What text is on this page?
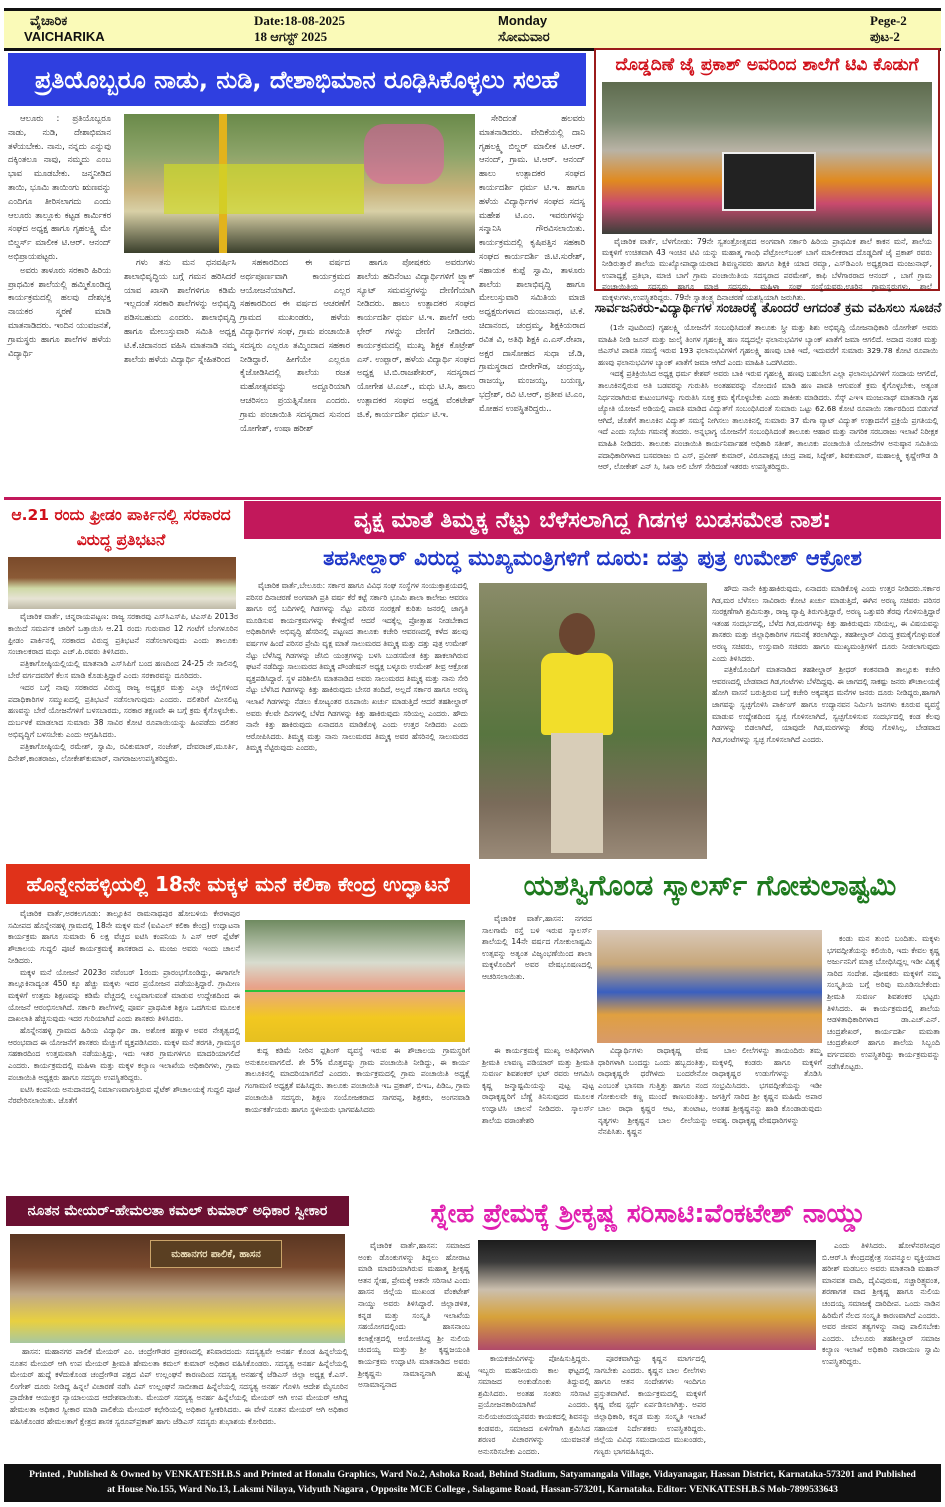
ವೈಚಾರಿಕ
VAICHARIKA
Date:18-08-2025
18 ಆಗಸ್ಟ್ 2025
Monday
ಸೋಮವಾರ
Pege-2
ಪುಟ-2
ಪ್ರತಿಯೊಬ್ಬರೂ ನಾಡು, ನುಡಿ, ದೇಶಾಭಿಮಾನ ರೂಢಿಸಿಕೊಳ್ಳಲು ಸಲಹೆ

ಆಲೂರು : ಪ್ರತಿಯೊಬ್ಬರೂ ನಾಡು, ನುಡಿ, ದೇಶಾಭಿಮಾನ ತಳೆಯಬೇಕು. ನಾನು, ನನ್ನದು ಎನ್ನುವು ದಕ್ಕಿಂತಲೂ ನಾವು, ನಮ್ಮದು ಎಂಬ ಭಾವ ಮೂಡಬೇಕು. ಜನ್ಮನೀಡಿದ ತಾಯಿ, ಭೂಮಿ ತಾಯಿಂಗು ಋಣವನ್ನು ಎಂದಿಗೂ ತೀರಿಸಲಾಗದು ಎಂದು ಆಲೂರು ತಾಲ್ಲೂಕು ಕಟ್ಟಡ ಕಾರ್ಮಿಕರ ಸಂಘದ ಅಧ್ಯಕ್ಷ ಹಾಗೂ ಗೃಹಲಕ್ಷ್ಮಿ ಮೇ ಬಿಲ್ಡರ್ಸ್ ಮಾಲೀಕ ಟಿ.ಆರ್. ಆನಂದ್ ಅಭಿಪ್ರಾಯಪಟ್ಟರು.

ಅವರು ತಾಳೂರು ಸರಕಾರಿ ಹಿರಿಯ ಪ್ರಾಥಮಿಕ ಶಾಲೆಯಲ್ಲಿ ಹಮ್ಮಿಕೊಂಡಿದ್ದ ಕಾರ್ಯಕ್ರಮದಲ್ಲಿ ಹಲವು ದೇಶಭಕ್ತ ನಾಯಕರ ಸ್ಮರಣೆ ಮಾಡಿ ಮಾತನಾಡಿದರು. ಇಂದಿನ ಯುವಜನತೆ, ಗ್ರಾಮಸ್ಥರು ಹಾಗೂ ಶಾಲೆಗಳ ಹಳೆಯ ವಿದ್ಯಾರ್ಥಿ

ಗಳು ತನು ಮನ ಧನವರ್ಷಿಸಿ ಶಾಲಾಭಿವೃದ್ಧಿಯ ಬಗ್ಗೆ ಗಮನ ಹರಿಸಿದರೆ ಯಾವ ಖಾಸಗಿ ಶಾಲೆಗಳಿಗೂ ಕಡಿಮೆ ಇಲ್ಲದಂತೆ ಸರಕಾರಿ ಶಾಲೆಗಳನ್ನು ಅಭಿವೃದ್ಧಿ ಪಡಿಸಬಹುದು ಎಂದರು. ಶಾಲಾಭಿವೃದ್ಧಿ ಹಾಗೂ ಮೇಲುಸ್ತುವಾರಿ ಸಮಿತಿ ಅಧ್ಯಕ್ಷ ಟಿ.ಕೆ.ಚಿದಾನಂದ ವಹಿಸಿ ಮಾತನಾಡಿ ನಮ್ಮ ಶಾಲೆಯ ಹಳೆಯ ವಿದ್ಯಾರ್ಥಿ ಸ್ನೇಹಿತರಿಂದ

ಸಹಕಾರದಿಂದ ಈ ವರ್ಷದ ಅರ್ಥಪೂರ್ಣವಾಗಿ ಕಾರ್ಯಕ್ರಮದ ಆಯೋಜನೆಯಾಗಿದೆ. ಎಲ್ಲರ ಸಹಕಾರದಿಂದ ಈ ವರ್ಷದ ಆಚರಣೆಗೆ ಗ್ರಾಮದ ಮುಖಂಡರು, ಹಳೆಯ ವಿದ್ಯಾರ್ಥಿಗಳ ಸಂಘ, ಗ್ರಾಮ ಪಂಚಾಯಿತಿ ಸದಸ್ಯರು ಎಲ್ಲರೂ ತಮ್ಮಿಂದಾದ ಸಹಕಾರ ನೀಡಿದ್ದಾರೆ. ಹೀಗೆಯೇ ಎಲ್ಲರೂ ಕೈಜೋಡಿಸಿದಲ್ಲಿ ಶಾಲೆಯ ರಜತ ಮಹೋತ್ಸವವನ್ನು ಅದ್ದೂರಿಯಾಗಿ ಆಚರಿಸಲು ಪ್ರಯತ್ನಿಸೋಣ ಎಂದರು. ಗ್ರಾಮ ಪಂಚಾಯಿತಿ ಸದಸ್ಯರಾದ ಸುನಂದ ಯೋಗೇಶ್, ಉಷಾ ಹರೀಶ್

ಹಾಗೂ ಪೋಷಕರು ಅವರುಗಳು ಶಾಲೆಯ ಹದಿನೆಂಟು ವಿದ್ಯಾರ್ಥಿಗಳಿಗೆ ಟ್ರ್ಯಾಕ್ ಸ್ಯೂಟ್ ಸಮವಸ್ತ್ರಗಳನ್ನು ದೇಣಿಗೆಯಾಗಿ ನೀಡಿದರು. ಹಾಲು ಉತ್ಪಾದಕರ ಸಂಘದ ಕಾರ್ಯದರ್ಶಿ ಧರ್ಮ ಟಿ.ಇ. ಶಾಲೆಗೆ ಆರು ಛೇರ್ ಗಳನ್ನು ದೇಣಿಗೆ ನೀಡಿದರು. ಕಾರ್ಯಕ್ರಮದಲ್ಲಿ ಮುಖ್ಯ ಶಿಕ್ಷಕ ಕೊಟ್ರೇಶ್ ಎಸ್. ಉಪ್ಪಾರ್, ಹಳೆಯ ವಿದ್ಯಾರ್ಥಿ ಸಂಘದ ಅಧ್ಯಕ್ಷ ಟಿ.ಬಿ.ರಾಜಶೇಖರ್, ಸದಸ್ಯರಾದ ಯೋಗೇಶ ಟಿ.ಎಚ್., ಮಧು ಟಿ.ಸಿ, ಹಾಲು ಉತ್ಪಾದಕರ ಸಂಘದ ಅಧ್ಯಕ್ಷ ವೆಂಕಟೇಶ್ ಜಿ.ಕೆ, ಕಾರ್ಯದರ್ಶಿ ಧರ್ಮ ಟಿ.ಇ.

ಸೇರಿದಂತೆ ಹಲವರು ಮಾತನಾಡಿದರು. ವೇದಿಕೆಯಲ್ಲಿ ದಾನಿ ಗೃಹಲಕ್ಷ್ಮಿ ಬಿಲ್ಡರ್ ಮಾಲೀಕ ಟಿ.ಆರ್. ಆನಂದ್, ಗ್ರಾಮ. ಟಿ.ಆರ್. ಆನಂದ್ ಹಾಲು ಉತ್ಪಾದಕರ ಸಂಘದ ಕಾರ್ಯದರ್ಶಿ ಧರ್ಮ ಟಿ.ಇ. ಹಾಗೂ ಹಳೆಯ ವಿದ್ಯಾರ್ಥಿಗಳ ಸಂಘದ ಸದಸ್ಯ ಮಹೇಶ ಟಿ.ಎಂ. ಇವರುಗಳನ್ನು ಸನ್ಮಾನಿಸಿ ಗೌರವಿಸಲಾಯಿತು. ಕಾರ್ಯಕ್ರಮದಲ್ಲಿ ಕೃಷಿಪತ್ತಿನ ಸಹಕಾರಿ ಸಂಘದ ಕಾರ್ಯದರ್ಶಿ ಜಿ.ಟಿ.ಸುರೇಶ್, ಸಹಾಯಕ ಕುಪ್ಪೆ ಸ್ವಾಮಿ, ತಾಳೂರು ಶಾಲೆಯ ಶಾಲಾಭಿವೃದ್ಧಿ ಹಾಗೂ ಮೇಲುಸ್ತುವಾರಿ ಸಮಿತಿಯ ಮಾಜಿ ಅಧ್ಯಕ್ಷರುಗಳಾದ ಮಂಜುನಾಥ, ಟಿ.ಕೆ. ಚಿದಾನಂದ, ಚಂದ್ರಮ್ಮ, ಶಿಕ್ಷಕಿಯರಾದ ರವಿತ ವಿ, ಅತಿಥಿ ಶಿಕ್ಷಕಿ ಎ.ಎಸ್.ರೇಖಾ, ಅಕ್ಷರ ದಾಸೋಹದ ಸುಧಾ ಜೆ.ಡಿ, ಗ್ರಾಮಸ್ಥರಾದ ಬೀರೇಗೌಡ, ಚಂದ್ರಯ್ಯ, ರಾಜಯ್ಯ, ಮಂಜಯ್ಯ, ಬಯಣ್ಣ, ಭದ್ರೇಶ್, ರವಿ ಟಿ.ಆರ್, ಪ್ರತೀಪ ಟಿ.ಎಂ, ಮೋಹನ ಉಪಸ್ಥಿತರಿದ್ದರು..

ದೊಡ್ಡದಿಣೆ ಜೈ ಪ್ರಕಾಶ್ ಅವರಿಂದ ಶಾಲೆಗೆ ಟಿವಿ ಕೊಡುಗೆ

ವೈಚಾರಿಕ ವಾರ್ತೆ, ಬೆಳಗೋಡು: 79ನೇ ಸ್ವತಂತ್ರೋತ್ಸವದ ಅಂಗವಾಗಿ ಸರ್ಕಾರಿ ಹಿರಿಯ ಪ್ರಾಥಮಿಕ ಶಾಲೆ ಕಾಕನ ಮನೆ, ಶಾಲೆಯ ಮಕ್ಕಳಿಗೆ ಉಚಿತವಾಗಿ 43 ಇಂಚಿನ ಟಿವಿ ಯನ್ನು ಮಹಾತ್ಮ ಗಾಂಧಿ ಪೆಟ್ರೋಲ್‌ಬಂಕ್ ಬಾಗೆ ಮಾಲೀಕರಾದ ದೊಡ್ಡದಿಣೆ ಜೈ ಪ್ರಕಾಶ್ ರವರು ನೀಡಿರುತ್ತಾರೆ ಶಾಲೆಯ ಮುಖ್ಯೋಪಾಧ್ಯಾಯರಾದ ಶಿವಣ್ಣನವರು ಹಾಗೂ ಶಿಕ್ಷಕಿ ಯಾದ ರಮ್ಯಾ, ಎಸ್‌ಡಿಎಂಸಿ ಅಧ್ಯಕ್ಷರಾದ ಮಂಜುನಾಥ್, ಉಪಾಧ್ಯಕ್ಷೆ ಪ್ರತಿಭಾ, ಮಾಜಿ ಬಾಗೆ ಗ್ರಾಮ ಪಂಚಾಯಿತಿಯ ಸದಸ್ಯರಾದ ಪರಮೇಶ್, ಕಾಫಿ ಬೆಳೆಗಾರರಾದ ಆನಂದ್ , ಬಾಗೆ ಗ್ರಾಮ ಪಂಚಾಯಿತಿಯ ಸದಸ್ಯರು ಹಾಗೂ ಮಾಜಿ ಸದಸ್ಯರು, ಮಹಿಳಾ ಸಂಘ ಸಂಸ್ಥೆಯವರು,ಊರಿನ ಗ್ರಾಮಸ್ಥರುಗಳು, ಶಾಲೆ ಮಕ್ಕಳುಗಳು,ಉಪಸ್ಥಿತರಿದ್ದರು. 79ನೇ ಸ್ವಾತಂತ್ರ್ಯ ದಿನಾಚರಣೆ ಯಶಸ್ವಿಯಾಗಿ ಜರುಗಿತು.

ಸಾರ್ವಜನಿಕರು-ವಿದ್ಯಾರ್ಥಿಗಳ ಸಂಚಾರಕ್ಕೆ ತೊಂದರೆ ಆಗದಂತೆ ಕ್ರಮ ವಹಿಸಲು ಸೂಚನೆ

(1ನೇ ಪುಟದಿಂದ) ಗೃಹಲಕ್ಷ್ಮಿ ಯೋಜನೆಗೆ ಸಂಬಂಧಿಸಿದಂತೆ ತಾಲೂಕು ಸ್ತ್ರೀ ಮತ್ತು ಶಿಶು ಅಭಿವೃದ್ಧಿ ಯೋಜನಾಧಿಕಾರಿ ಯೋಗೇಶ್ ಅವರು ಮಾಹಿತಿ ನೀಡಿ ಜೂನ್ ಮತ್ತು ಜುಲೈ ತಿಂಗಳ ಗೃಹಲಕ್ಷ್ಮಿ ಹಣ ಸದ್ಯದಲ್ಲೇ ಫಲಾನುಭವಿಗಳ ಬ್ಯಾಂಕ್ ಖಾತೆಗೆ ಜಮಾ ಆಗಲಿದೆ. ಅದಾದ ನಂತರ ಮತ್ತು ಜಿಎಸ್‌ಟಿ ಪಾವತಿ ಸಮಸ್ಯೆ ಇರುವ 193 ಫಲಾನುಭವಿಗಳಿಗೆ ಗೃಹಲಕ್ಷ್ಮಿ ಹಣವು ಬಾಕಿ ಇದೆ, ಇದುವರೆಗೆ ಸುಮಾರು 329.78 ಕೋಟಿ ರೂಪಾಯಿ ಹಣವು ಫಲಾನುಭವಿಗಳ ಬ್ಯಾಂಕ್ ಖಾತೆಗೆ ಜಮಾ ಆಗಿದೆ ಎಂದು ಮಾಹಿತಿ ಒದಗಿಸಿದರು.

ಇದಕ್ಕೆ ಪ್ರತಿಕ್ರಿಯಿಸಿದ ಅಧ್ಯಕ್ಷ ಧರ್ಮ ಕೇಶವ್ ಅವರು ಬಾಕಿ ಇರುವ ಗೃಹಲಕ್ಷ್ಮಿ ಹಣವು ಬಹುಬೇಗ ಎಲ್ಲಾ ಫಲಾನುಭವಿಗಳಿಗೆ ಸಂದಾಯ ಆಗಲಿದೆ, ತಾಲೂಕಿನಲ್ಲಿರುವ ಅತಿ ಬಡವರನ್ನು ಗುರುತಿಸಿ ಅಂತಹವರನ್ನು ನೋಂದಣಿ ಮಾಡಿ ಹಣ ಪಾವತಿ ಆಗುವಂತೆ ಕ್ರಮ ಕೈಗೊಳ್ಳಬೇಕು, ಅತ್ಯಂತ ನಿರ್ಧನರಾಗಿರುವ ಕುಟುಂಬಗಳನ್ನು ಗುರುತಿಸಿ ಸೂಕ್ತ ಕ್ರಮ ಕೈಗೊಳ್ಳಬೇಕು ಎಂದು ತಾಕೀತು ಮಾಡಿದರು. ಸೆಸ್ಕ್ ಎಇಇ ಮಂಜುನಾಥ್ ಮಾತನಾಡಿ ಗೃಹ ಜ್ಯೋತಿ ಯೋಜನೆ ಅಡಿಯಲ್ಲಿ ಪಾವತಿ ಮಾಡಿದ ವಿದ್ಯುತ್‌ಗೆ ಸಂಬಂಧಿಸಿದಂತೆ ಸುಮಾರು ಒಟ್ಟು 62.68 ಕೋಟಿ ರೂಪಾಯಿ ಸರ್ಕಾರದಿಂದ ಬಿಡುಗಡೆ ಆಗಿದೆ, ಜೊತೆಗೆ ತಾಲೂಕಿನ ವಿದ್ಯುತ್ ಸಮಸ್ಯೆ ನೀಗಿಸಲು ತಾಲೂಕಿನಲ್ಲಿ ಸುಮಾರು 37 ಮೆಗಾ ವ್ಯಾಟ್ ವಿದ್ಯುತ್ ಉತ್ಪಾದನೆಗೆ ಪ್ರಕ್ರಿಯೆ ಪ್ರಗತಿಯಲ್ಲಿ ಇದೆ ಎಂದು ಸಭೆಯ ಗಮನಕ್ಕೆ ತಂದರು. ಅನ್ನಭಾಗ್ಯ ಯೋಜನೆಗೆ ಸಂಬಂಧಿಸಿದಂತೆ ತಾಲೂಕು ಆಹಾರ ಮತ್ತು ನಾಗರಿಕ ಸರಬರಾಜು ಇಲಾಖೆ ನಿರೀಕ್ಷಕ ಮಾಹಿತಿ ನೀಡಿದರು. ತಾಲೂಕು ಪಂಚಾಯಿತಿ ಕಾರ್ಯನಿರ್ವಾಹಕ ಅಧಿಕಾರಿ ಸತೀಶ್, ತಾಲೂಕು ಪಂಚಾಯಿತಿ ಯೋಜನೆಗಳ ಅನುಷ್ಠಾನ ಸಮಿತಿಯ ಪದಾಧಿಕಾರಿಗಳಾದ ಬಸವರಾಜು ಬಿ ಎಸ್, ಪ್ರವೀಣ್ ಕುಮಾರ್, ವಿರೂಪಾಕ್ಷಪ್ಪ ಚಂದ್ರ ಪಾಷ, ಸಿದ್ದೇಶ್, ಶಿವಕುಮಾರ್, ಮಹಾಲಕ್ಷ್ಮಿ ಕೃಷ್ಣೇಗೌಡ ಡಿ ಆರ್, ಲೋಕೇಶ್ ಎನ್ ಸಿ, ಸಿಖಾ ಅಲಿ ಬೇಗ್ ಸೇರಿದಂತೆ ಇತರರು ಉಪಸ್ಥಿತರಿದ್ದರು.

ಆ.21 ರಂದು ಫ್ರೀಡಂ ಪಾರ್ಕಿನಲ್ಲಿ ಸರಕಾರದ ವಿರುದ್ಧ ಪ್ರತಿಭಟನೆ

ವೈಚಾರಿಕ ವಾರ್ತೆ, ಚನ್ನರಾಯಪಟ್ಟಣ: ರಾಜ್ಯ ಸರಕಾರವು ಎಸ್‌ಸಿಎಸ್‌ಪಿ, ಟಿಎಸ್‌ಪಿ 2013ರ ಕಾಯಿದೆ ಸಮರ್ಪಕ ಜಾರಿಗೆ ಒತ್ತಾಯಿಸಿ ಆ.21 ರಂದು ಗುರುವಾರ 12 ಗಂಟೆಗೆ ಬೆಂಗಳೂರಿನ ಫ್ರೀಡಂ ಪಾರ್ಕಿನಲ್ಲಿ ಸರಕಾರದ ವಿರುದ್ಧ ಪ್ರತಿಭಟನೆ ನಡೆಸಲಾಗುವುದು ಎಂದು ತಾಲೂಕು ಸಂಚಾಲಕರಾದ ಮಧು ಎಚ್.ಪಿ.ರವರು ತಿಳಿಸಿದರು.

ಪತ್ರಿಕಾಗೋಷ್ಠಿಯಲ್ಲಿಯಲ್ಲಿ ಮಾತನಾಡಿ ಎಸ್‌ಸಿಪಿಗೆ ಬಂದ ಹಣದಿಂದ 24-25 ನೇ ಸಾಲಿನಲ್ಲಿ ಬೇರೆ ವರ್ಗದವರಿಗೆ ಕೆಲಸ ಮಾಡಿ ಕೊಡುತ್ತಿದ್ದಾರೆ ಎಂದು ಸರಕಾರವನ್ನು ದೂರಿದರು.

ಇದರ ಬಗ್ಗೆ ನಾವು ಸರಕಾರದ ವಿರುದ್ಧ ರಾಜ್ಯ ಅಧ್ಯಕ್ಷರ ಮತ್ತು ಎಲ್ಲಾ ಜಿಲ್ಲೆಗಳಿಂದ ಪದಾಧಿಕಾರಿಗಳ ಸಮ್ಮುಖದಲ್ಲಿ ಪ್ರತಿಭಟನೆ ನಡೆಸಲಾಗುವುದು ಎಂದರು. ದಲಿತರಿಗೆ ಮೀಸಲಿಟ್ಟ ಹಣವನ್ನು ಬೇರೆ ಯೋಜನೆಗಳಿಗೆ ಬಳಸಬಾರದು, ಸರಕಾರ ತಕ್ಷಣವೇ ಈ ಬಗ್ಗೆ ಕ್ರಮ ಕೈಗೊಳ್ಳಬೇಕು. ದುರ್ಬಳಕೆ ಮಾಡಲಾದ ಸುಮಾರು 38 ಸಾವಿರ ಕೋಟಿ ರೂಪಾಯಿಯನ್ನು ಹಿಂಪಡೆದು ದಲಿತರ ಅಭಿವೃದ್ಧಿಗೆ ಬಳಸಬೇಕು ಎಂದು ಆಗ್ರಹಿಸಿದರು.

ಪತ್ರಿಕಾಗೋಷ್ಠಿಯಲ್ಲಿ ರಮೇಶ್, ಸ್ವಾಮಿ, ರವಿಕುಮಾರ್, ನಂಜೇಶ್, ದೇವರಾಜ್,ಮೂರ್ತಿ, ದಿನೇಶ್,ಕಾಂತರಾಜು, ಲೋಕೇಶ್‌ಕುಮಾರ್, ನಾಗರಾಜುಉಪಸ್ಥಿತರಿದ್ದರು.

ವೃಕ್ಷ ಮಾತೆ ತಿಮ್ಮಕ್ಕ ನೆಟ್ಟು ಬೆಳೆಸಲಾಗಿದ್ದ ಗಿಡಗಳ ಬುಡಸಮೇತ ನಾಶ:
ತಹಸೀಲ್ದಾರ್ ವಿರುದ್ಧ ಮುಖ್ಯಮಂತ್ರಿಗಳಿಗೆ ದೂರು: ದತ್ತು ಪುತ್ರ ಉಮೇಶ್ ಆಕ್ರೋಶ

ವೈಚಾರಿಕ ವಾರ್ತೆ,ಬೇಲೂರು: ಸರ್ಕಾರ ಹಾಗೂ ವಿವಿಧ ಸಂಘ ಸಂಸ್ಥೆಗಳ ಸಂಯುಕ್ತಾಶ್ರಯದಲ್ಲಿ ಪರಿಸರ ದಿನಾಚರಣೆ ಅಂಗವಾಗಿ ಪ್ರತಿ ವರ್ಷ ಕೆರೆ ಕಟ್ಟೆ ಸರ್ಕಾರಿ ಭೂಮಿ ಶಾಲಾ ಕಾಲೇಜು ಆವರಣ ಹಾಗೂ ರಸ್ತೆ ಬದಿಗಳಲ್ಲಿ ಗಿಡಗಳನ್ನು ನೆಟ್ಟು ಪರಿಸರ ಸಂರಕ್ಷಣೆ ಕುರಿತು ಜನರಲ್ಲಿ ಜಾಗೃತಿ ಮೂಡಿಸುವ ಕಾರ್ಯಕ್ರಮಗಳನ್ನು ಕೇಳಿದ್ದೇವೆ ಆದರೆ ಇದಕ್ಕೆಲ್ಲ ಪ್ರೋತ್ಸಾಹ ನೀಡಬೇಕಾದ ಅಧಿಕಾರಿಗಳೇ ಅಭಿವೃದ್ಧಿ ಹೆಸರಿನಲ್ಲಿ ಪಟ್ಟಣದ ತಾಲೂಕು ಕಚೇರಿ ಆವರಣದಲ್ಲಿ ಕಳೆದ ಹಲವು ವರ್ಷಗಳ ಹಿಂದೆ ಪರಿಸರ ಪ್ರೇಮಿ ವೃಕ್ಷ ಮಾತೆ ಸಾಲುಮರದ ತಿಮ್ಮಕ್ಕ ಮತ್ತು ದತ್ತು ಪುತ್ರ ಉಮೇಶ್ ನೆಟ್ಟು ಬೆಳೆಸಿದ್ದ ಗಿಡಗಳನ್ನು ಜೆಸಿಬಿ ಯಂತ್ರಗಳನ್ನು ಬಳಸಿ ಬುಡಸಮೇತ ಕಿತ್ತು ಹಾಕಲಾಗಿರುವ ಘಟನೆ ನಡೆದಿದ್ದು ಸಾಲುಮರದ ತಿಮ್ಮಕ್ಕ ಪೌಂಡೇಷನ್ ಅಧ್ಯಕ್ಷ ಬಳ್ಳೂರು ಉಮೇಶ್ ತೀವ್ರ ಆಕ್ರೋಶ ವ್ಯಕ್ತಪಡಿಸಿದ್ದಾರೆ. ಸ್ಥಳ ಪರಿಶೀಲಿಸಿ ಮಾತನಾಡಿದ ಅವರು ಸಾಲುಮರದ ತಿಮ್ಮಕ್ಕ ಮತ್ತು ನಾನು ಸೇರಿ ನೆಟ್ಟು ಬೆಳೆಸಿದ ಗಿಡಗಳನ್ನು ಕಿತ್ತು ಹಾಕಿರುವುದು ಬೇಸರ ತಂದಿದೆ, ಅಲ್ಲದೆ ಸರ್ಕಾರ ಹಾಗೂ ಅರಣ್ಯ ಇಲಾಖೆ ಗಿಡಗಳನ್ನು ನೆಡಲು ಕೋಟ್ಯಂತರ ರೂಪಾಯಿ ಖರ್ಚು ಮಾಡುತ್ತಿದೆ ಆದರೆ ತಹಶೀಲ್ದಾರ್ ಅವರು ಕೆಲವೇ ದಿನಗಳಲ್ಲಿ ಬೆಳೆದ ಗಿಡಗಳನ್ನು ಕಿತ್ತು ಹಾಕಿರುವುದು ಸರಿಯಲ್ಲ ಎಂದರು. ಹೌದು ನಾನೇ ಕಿತ್ತು ಹಾಕಿರುವುದು ಏನಾದರೂ ಮಾಡಿಕೊಳ್ಳಿ ಎಂದು ಉತ್ತರ ನೀಡಿದರು ಎಂದು ಆರೋಪಿಸಿದರು. ತಿಮ್ಮಕ್ಕ ಮತ್ತು ನಾನು ಸಾಲುಮರದ ತಿಮ್ಮಕ್ಕ ಅವರ ಹೆಸರಿನಲ್ಲಿ ಸಾಲುಮರದ ತಿಮ್ಮಕ್ಕ ನೆಟ್ಟಿರುವುದು ಎಂದರು,

ಹೌದು ನಾನೇ ಕಿತ್ತುಹಾಕಿರುವುದು, ಏನಾದರು ಮಾಡಿಕೊಳ್ಳಿ ಎಂದು ಉತ್ತರ ನೀಡಿದರು.ಸರ್ಕಾರ ಗಿಡ,ಮರ ಬೆಳೆಸಲು ಸಾವಿರಾರು ಕೋಟಿ ಖರ್ಚು ಮಾಡುತ್ತಿದೆ, ಈಗಿನ ಅರಣ್ಯ ಸಚಿವರು ಪರಿಸರ ಸಂರಕ್ಷಣೆಗಾಗಿ ಶ್ರಮಿಸುತ್ತಾ, ರಾಜ್ಯ ವ್ಯಾಪ್ತಿ ತಿರುಗುತ್ತಿದ್ದಾರೆ, ಅರಣ್ಯ ಒತ್ತುವರಿ ತೆರವು ಗೊಳಿಸುತ್ತಿದ್ದಾರೆ ಇತಂಹ ಸಂದರ್ಭದಲ್ಲಿ, ಬೆಳೆದ ಗಿಡ,ಮರಗಳನ್ನು ಕಿತ್ತು ಹಾಕಿರುವುದು ಸರಿಯಲ್ಲ, ಈ ವಿಷಯವನ್ನು ಶಾಸಕರು ಮತ್ತು ಜಿಲ್ಲಾಧಿಕಾರಿಗಳ ಗಮನಕ್ಕೆ ತರಲಾಗಿದ್ದು, ತಹಶೀಲ್ದಾರ್ ವಿರುದ್ಧ ಕ್ರಮಕೈಗೊಳ್ಳುವಂತೆ ಅರಣ್ಯ ಸಚಿವರು, ಉಸ್ತುವಾರಿ ಸಚಿವರು ಹಾಗೂ ಮುಖ್ಯಮಂತ್ರಿಗಳಿಗೆ ದೂರು ನೀಡಲಾಗುವುದು ಎಂದು ತಿಳಿಸಿದರು.

ಪತ್ರಿಕೆಯೊಂದಿಗೆ ಮಾತನಾಡಿದ ತಹಶೀಲ್ದಾರ್ ಶ್ರೀಧರ್ ಕಂಕನವಾಡಿ ತಾಲ್ಲೂಕು ಕಚೇರಿ ಆವರಣದಲ್ಲಿ ಬೇಡವಾದ ಗಿಡ,ಗಂಟೆಗಳು ಬೆಳೆದಿದ್ದವು. ಈ ಜಾಗದಲ್ಲಿ ಸಾಕಷ್ಟು ಜನರು ಶೌಚಾಲಯಕ್ಕೆ ಹೋಗಿ ವಾಸನೆ ಬರುತ್ತಿರುವ ಬಗ್ಗೆ ಕಚೇರಿ ಅಕ್ಕಪಕ್ಕದ ಮನೆಗಳ ಜನರು ದೂರು ನೀಡಿದ್ದರು,ಹಾಗಾಗಿ ಜಾಗವನ್ನು ಸ್ವಚ್ಛಗೊಳಿಸಿ ಪಾರ್ಕಿಂಗ್ ಹಾಗೂ ಉದ್ಯಾನವನ ನಿರ್ಮಿಸಿ ಜನಗಳು ಕೂರುವ ವ್ಯವಸ್ಥೆ ಮಾಡುವ ಉದ್ದೇಶದಿಂದ ಸ್ವಚ್ಛ ಗೊಳಿಸಲಾಗಿದೆ, ಸ್ವಚ್ಛಗೊಳಿಸುವ ಸಂದರ್ಭದಲ್ಲಿ ಕಂಡ ಕೆಲವು ಗಿಡಗಳನ್ನು ಬಿಡಲಾಗಿದೆ, ಯಾವುದೇ ಗಿಡ,ಮರಗಳನ್ನು ತೆರವು ಗೊಳಿಸಿಲ್ಲ, ಬೇಡವಾದ ಗಿಡ,ಗಂಟೆಗಳನ್ನು ಸ್ವಚ್ಛ ಗೊಳಿಸಲಾಗಿದೆ ಎಂದರು.

ಹೊನ್ನೇನಹಳ್ಳಿಯಲ್ಲಿ 18ನೇ ಮಕ್ಕಳ ಮನೆ ಕಲಿಕಾ ಕೇಂದ್ರ ಉದ್ಘಾಟನೆ

ವೈಚಾರಿಕ ವಾರ್ತೆ,ಅರಕಲಗೂಡು: ತಾಲ್ಲೂಕಿನ ರಾಮನಾಥಪುರ ಹೋಬಳಿಯ ಕೇರಳಾಪುರ ಸಮೀಪದ ಹೊನ್ನೇನಹಳ್ಳಿ ಗ್ರಾಮದಲ್ಲಿ 18ನೇ ಮಕ್ಕಳ ಮನೆ (ಐವಿಎಲ್ ಕಲಿಕಾ ಕೇಂದ್ರ) ಉದ್ಘಾಟನಾ ಕಾರ್ಯಕ್ರಮ ಹಾಗೂ ಸುಮಾರು 6 ಲಕ್ಷ ವೆಚ್ಚದ ಐಟಿಸಿ ಕಂಪನಿಯ ಸಿ ಎಸ್ ಆರ್ ಪ್ಲೆಟೆಕ್ ಶೌಚಾಲಯ ಗುದ್ದಲಿ ಪೂಜೆ ಕಾರ್ಯಕ್ರಮಕ್ಕೆ ಶಾಸಕರಾದ ಎ. ಮಂಜು ಅವರು ಇಂದು ಚಾಲನೆ ನೀಡಿದರು.

ಮಕ್ಕಳ ಮನೆ ಯೋಜನೆ 2023ರ ನವೆಂಬರ್ 1ರಂದು ಪ್ರಾರಂಭಗೊಂಡಿದ್ದು, ಈಗಾಗಲೇ ತಾಲ್ಲೂಕಿನಾದ್ಯಂತ 450 ಕ್ಕೂ ಹೆಚ್ಚು ಮಕ್ಕಳು ಇದರ ಪ್ರಯೋಜನ ಪಡೆಯುತ್ತಿದ್ದಾರೆ. ಗ್ರಾಮೀಣ ಮಕ್ಕಳಿಗೆ ಉತ್ತಮ ಶಿಕ್ಷಣವನ್ನು ಕಡಿಮೆ ವೆಚ್ಚದಲ್ಲಿ ಲಭ್ಯವಾಗುವಂತೆ ಮಾಡುವ ಉದ್ದೇಶದಿಂದ ಈ ಯೋಜನೆ ಆರಂಭಿಸಲಾಗಿದೆ. ಸರ್ಕಾರಿ ಶಾಲೆಗಳಲ್ಲಿ ಪೂರ್ವ ಪ್ರಾಥಮಿಕ ಶಿಕ್ಷಣ ಒದಗಿಸುವ ಮೂಲಕ ದಾಖಲಾತಿ ಹೆಚ್ಚಿಸುವುದು ಇದರ ಗುರಿಯಾಗಿದೆ ಎಂದು ಶಾಸಕರು ತಿಳಿಸಿದರು.

ಹೊನ್ನೇನಹಳ್ಳಿ ಗ್ರಾಮದ ಹಿರಿಯ ವಿದ್ಯಾರ್ಥಿ ಡಾ. ಅಶೋಕ ಹಣ್ಣಾಳ ಅವರ ನೇತೃತ್ವದಲ್ಲಿ ಆರಂಭವಾದ ಈ ಯೋಜನೆಗೆ ಶಾಸಕರು ಮೆಚ್ಚುಗೆ ವ್ಯಕ್ತಪಡಿಸಿದರು. ಮಕ್ಕಳ ಮನೆ ತರಗತಿ, ಗ್ರಾಮಸ್ಥರ ಸಹಕಾರದಿಂದ ಉತ್ತಮವಾಗಿ ನಡೆಯುತ್ತಿದ್ದು, ಇದು ಇತರ ಗ್ರಾಮಗಳಿಗೂ ಮಾದರಿಯಾಗಲಿದೆ ಎಂದರು. ಕಾರ್ಯಕ್ರಮದಲ್ಲಿ ಮಹಿಳಾ ಮತ್ತು ಮಕ್ಕಳ ಕಲ್ಯಾಣ ಇಲಾಖೆಯ ಅಧಿಕಾರಿಗಳು, ಗ್ರಾಮ ಪಂಚಾಯಿತಿ ಅಧ್ಯಕ್ಷರು ಹಾಗೂ ಸದಸ್ಯರು ಉಪಸ್ಥಿತರಿದ್ದರು.

ಐಟಿಸಿ ಕಂಪನಿಯ ಅನುದಾನದಲ್ಲಿ ನಿರ್ಮಾಣವಾಗುತ್ತಿರುವ ಪ್ಲೆಟೆಕ್ ಶೌಚಾಲಯಕ್ಕೆ ಗುದ್ದಲಿ ಪೂಜೆ ನೆರವೇರಿಸಲಾಯಿತು. ಜೊತೆಗೆ

ಕುದ್ದ ಕಡಿಮೆ ನೀರಿನ ಫ್ಲಶಿಂಗ್ ವ್ಯವಸ್ಥೆ ಇರುವ ಈ ಶೌಚಾಲಯ ಗ್ರಾಮಸ್ಥರಿಗೆ ಅನುಕೂಲವಾಗಲಿದೆ. ಶೇ 5% ಮೊತ್ತವನ್ನು ಗ್ರಾಮ ಪಂಚಾಯಿತಿ ನೀಡಿದ್ದು, ಈ ಕಾರ್ಯ ತಾಲೂಕಿನಲ್ಲಿ ಮಾದರಿಯಾಗಲಿದೆ ಎಂದರು. ಕಾರ್ಯಕ್ರಮದಲ್ಲಿ ಗ್ರಾಮ ಪಂಚಾಯಿತಿ ಅಧ್ಯಕ್ಷೆ ಗಂಗಾಮಣಿ ಅಧ್ಯಕ್ಷತೆ ವಹಿಸಿದ್ದರು. ತಾಲೂಕು ಪಂಚಾಯಿತಿ ಇಒ ಪ್ರಕಾಶ್, ಬಿಇಒ, ಪಿಡಿಒ, ಗ್ರಾಮ ಪಂಚಾಯಿತಿ ಸದಸ್ಯರು, ಶಿಕ್ಷಣ ಸಂಯೋಜಕರಾದ ಸಾಗರಪ್ಪ, ಶಿಕ್ಷಕರು, ಅಂಗನವಾಡಿ ಕಾರ್ಯಕರ್ತೆಯರು ಹಾಗೂ ಸ್ಥಳೀಯರು ಭಾಗವಹಿಸಿದರು

ಯಶಸ್ವಿಗೊಂಡ ಸ್ಕಾಲರ್ಸ್ ಗೋಕುಲಾಷ್ಟಮಿ

ವೈಚಾರಿಕ ವಾರ್ತೆ,ಹಾಸನ: ನಗರದ ಸಾಲಗಾಮೆ ರಸ್ತೆ ಬಳಿ ಇರುವ ಸ್ಕಾಲರ್ಸ್ ಶಾಲೆಯಲ್ಲಿ 14ನೇ ವರ್ಷದ ಗೋಕುಲಾಷ್ಟಮಿ ಉತ್ಸವನ್ನು ಅತ್ಯಂತ ವಿಜೃಂಭಣೆಯಿಂದ ಶಾಲಾ ಮಕ್ಕಳೊಂದಿಗೆ ಅವರ ವೇಷಭೂಷಣದಲ್ಲಿ ಆಚರಿಸಲಾಯಿತು.

ಈ ಕಾರ್ಯಕ್ರಮಕ್ಕೆ ಮುಖ್ಯ ಅತಿಥಿಗಳಾಗಿ ಶ್ರೀಮತಿ ಲಾವಣ್ಯ ಪಡಿಯಾರ್ ಮತ್ತು ಶ್ರೀಮತಿ ಸುವರ್ಣ ಶಿವಶಂಕರ್ ಭಟ್ ರವರು ಆಗಮಿಸಿ ಕೃಷ್ಣ ಜನ್ಮಾಷ್ಟಮಿಯನ್ನು ಪುಟ್ಟ ಪುಟ್ಟ ರಾಧಾಕೃಷ್ಣರಿಗೆ ಬೆಣ್ಣೆ ತಿನಿಸುವುದರ ಮೂಲಕ ಉದ್ಘಾಟಿಸಿ ಚಾಲನೆ ನೀಡಿದರು. ಸ್ಕಾಲರ್ಸ್ ಶಾಲೆಯ ವಠಾಂತೇಶರಿ

ವಿದ್ಯಾರ್ಥಿಗಳು ರಾಧಾಕೃಷ್ಣ ವೇಷ ಧಾರಿಗಳಾಗಿ ಬಂದದ್ದು ಒಂದು ಹಬ್ಬದಂತಿತ್ತು, ರಾಧಾಕೃಷ್ಣರೇ ಧರೆಗಿಳಿದು ಬಂದರೇನೋ ಎಂಬಂತೆ ಭಾಸವಾ ಗುತ್ತಿತ್ತು ಹಾಗೂ ನಂದ ಗೋಕುಲವೇ ಕಣ್ಣ ಮುಂದೆ ಕಾಣುವಂತಿತ್ತು. ಬಾಲ ರಾಧಾ ಕೃಷ್ಣರ ಆಟ, ತುಂಟಾಟ, ನೃತ್ಯಗಳು ಶ್ರೀಕೃಷ್ಣನ ಬಾಲ ಲೀಲೆಯನ್ನು ನೆನಪಿಸಿತು. ಕೃಷ್ಣನ

ಬಾಲ ಲೀಲೆಗಳನ್ನು ತಾಯಂದಿರು ತಮ್ಮ ಮಕ್ಕಳಲ್ಲಿ ಕಂಡರು ಹಾಗೂ ಮಕ್ಕಳಿಗೆ ರಾಧಾಕೃಷ್ಣರ ಉಡುಗೆಗಳನ್ನು ತೊಡಿಸಿ ಸಂಭ್ರಮಿಸಿದರು. ಭಗವದ್ಗೀತೆಯನ್ನು ಇಡೀ ಜಗತ್ತಿಗೆ ಸಾರಿದ ಶ್ರೀ ಕೃಷ್ಣನ ಮಹಿಮೆ ಅಪಾರ ಅಂತಹ ಶ್ರೀಕೃಷ್ಣನನ್ನು ಹಾಡಿ ಕೊಂಡಾಡುವುದು ಅವಶ್ಯ. ರಾಧಾಕೃಷ್ಣ ವೇಷಧಾರಿಗಳನ್ನು

ಕಂಡು ಮನ ತುಂಬಿ ಬಂದಿತು. ಮಕ್ಕಳು ಭಗವದ್ಗೀತೆಯನ್ನು ಕಲಿಯಿರಿ, ಇದು ಕೇವಲ ಕೃಷ್ಣ ಅರ್ಜುನನಿಗೆ ಮಾತ್ರ ಬೋಧಿಸಿದ್ದಲ್ಲ ಇಡೀ ವಿಶ್ವಕ್ಕೆ ಸಾರಿದ ಸಂದೇಶ. ಪೋಷಕರು ಮಕ್ಕಳಿಗೆ ನಮ್ಮ ಸಂಸ್ಕೃತಿಯ ಬಗ್ಗೆ ಅರಿವು ಮೂಡಿಸಬೇಕೆಂದು ಶ್ರೀಮತಿ ಸುವರ್ಣ ಶಿವಶಂಕರ ಭಟ್ಟರು ತಿಳಿಸಿದರು. ಈ ಕಾರ್ಯಕ್ರಮದಲ್ಲಿ ಶಾಲೆಯ ಆಡಳಿತಾಧಿಕಾರಿಗಳಾದ ಡಾ.ಎಚ್.ಎನ್. ಚಂದ್ರಶೇಖರ್, ಕಾರ್ಯದರ್ಶಿ ಮಮತಾ ಚಂದ್ರಶೇಖರ್ ಹಾಗೂ ಶಾಲೆಯ ಸಿಬ್ಬಂದಿ ವರ್ಗದವರು ಉಪಸ್ಥಿತರಿದ್ದು ಕಾರ್ಯಕ್ರಮವನ್ನು ನಡೆಸಿಕೊಟ್ಟರು.

ನೂತನ ಮೇಯರ್-ಹೇಮಲತಾ ಕಮಲ್ ಕುಮಾರ್ ಅಧಿಕಾರ ಸ್ವೀಕಾರ
ಮಹಾನಗರ ಪಾಲಿಕೆ, ಹಾಸನ

ಹಾಸನ: ಮಹಾನಗರ ಪಾಲಿಕೆ ಮೇಯರ್ ಎಂ. ಚಂದ್ರೇಗೌಡರ ಪ್ರಕರಣದಲ್ಲಿ ಶನಿವಾರದಂದು ಸದಸ್ಯತ್ವವೇ ಅನರ್ಹ ಕೊಂಡ ಹಿನ್ನಲೆಯಲ್ಲಿ ನೂತನ ಮೇಯರ್ ಆಗಿ ಉಪ ಮೇಯರ್ ಶ್ರೀಮತಿ ಹೇಮಲತಾ ಕಮಲ್ ಕುಮಾರ್ ಅಧಿಕಾರ ವಹಿಸಿಕೊಂಡರು. ಸದಸ್ಯತ್ವ ಅನರ್ಹ ಹಿನ್ನೆಲೆಯಲ್ಲಿ ಮೇಯರ್ ಹುದ್ದೆ ಕಳೆದುಕೊಂಡ ಚಂದ್ರೇಗೌಡ ಪಕ್ಷದ ವಿಪ್ ಉಲ್ಲಂಘನೆ ಕಾರಣದಿಂದ ಸದಸ್ಯತ್ವ ಅನರ್ಹಕ್ಕೆ ಜೆಡಿಎಸ್ ಜಿಲ್ಲಾ ಅಧ್ಯಕ್ಷ ಕೆ.ಎಸ್. ಲಿಂಗೇಶ್ ದೂರು ನೀಡಿದ್ದ ಹಿನ್ನಲೆ ವಿಚಾರಣೆ ನಡೆಸಿ ವಿಪ್ ಉಲ್ಲಂಘನೆ ಸಾಬೀತಾದ ಹಿನ್ನೆಲೆಯಲ್ಲಿ ಸದಸ್ಯತ್ವ ಅನರ್ಹ ಗೊಳಿಸಿ ಆದೇಶ ಮೈಸೂರಿನ ಪ್ರಾದೇಶಿಕ ಆಯುಕ್ತರ ನ್ಯಾಯಾಲಯದ ಆದೇಶವಾಯಿತು. ಮೇಯರ್ ಸದಸ್ಯತ್ವ ಅನರ್ಹ ಹಿನ್ನೆಲೆಯಲ್ಲಿ ಮೇಯರ್ ಆಗಿ ಉಪ ಮೇಯರ್ ಆಗಿದ್ದ ಹೇಮಲತಾ ಅಧಿಕಾರ ಸ್ವೀಕಾರ ಮಾಡಿ ಪಾಲಿಕೆಯ ಮೇಯರ್ ಕಛೇರಿಯಲ್ಲಿ ಅಧಿಕಾರ ಸ್ವೀಕರಿಸಿದರು. ಈ ವೇಳೆ ನೂತನ ಮೇಯರ್ ಆಗಿ ಅಧಿಕಾರ ವಹಿಸಿಕೊಂಡರ ಹೇಮಲತಾಗೆ ಕ್ಷೇತ್ರದ ಶಾಸಕ ಸ್ವರೂಪ್‌ಪ್ರಕಾಶ್ ಹಾಗು ಜೆಡಿಎಸ್ ಸದಸ್ಯರು ಶುಭಾಶಯ ಕೋರಿದರು.

ಸ್ನೇಹ ಪ್ರೇಮಕ್ಕೆ ಶ್ರೀಕೃಷ್ಣ ಸರಿಸಾಟಿ:ವೆಂಕಟೇಶ್ ನಾಯ್ಡು

ವೈಚಾರಿಕ ವಾರ್ತೆ,ಹಾಸನ: ಸಮಾಜದ ಅಂಕು ಡೊಂಕುಗಳನ್ನು ತಿದ್ದಲು ಹೋರಾಟ ಮಾಡಿ ಮಾದರಿಯಾಗಿರುವ ಮಹಾತ್ಮ ಶ್ರೀಕೃಷ್ಣ ಆತನ ಸ್ನೇಹ, ಪ್ರೇಮಕ್ಕೆ ಆತನೇ ಸರಿಸಾಟಿ ಎಂದು ಹಾಸನ ಜಿಲ್ಲೆಯ ಮುಖಂಡ ವೆಂಕಟೇಶ್ ನಾಯ್ಡು ಅವರು ತಿಳಿಸಿದ್ದಾರೆ. ಜಿಲ್ಲಾಡಳಿತ, ಕನ್ನಡ ಮತ್ತು ಸಂಸ್ಕೃತಿ ಇಲಾಖೆಯ ಸಹಯೋಗದಲ್ಲಿಂದು ಹಾಸನಾಂಬ ಕಲಾಕ್ಷೇತ್ರದಲ್ಲಿ ಆಯೋಜಿಸಿದ್ದ ಶ್ರೀ ನುಲಿಯ ಚಂದಯ್ಯ ಮತ್ತು ಶ್ರೀ ಕೃಷ್ಣಜಯಂತಿ ಕಾರ್ಯಕ್ರಮ ಉದ್ಘಾಟಿಸಿ ಮಾತನಾಡಿದ ಅವರು ಶ್ರೀಕೃಷ್ಣನು ಸಾಮಾನ್ಯನಾಗಿ ಹುಟ್ಟಿ ಅಸಾಮಾನ್ಯನಾದ

ಕಾಯಕಜೀವಿಗಳನ್ನು ಪೋಷಿಸುತ್ತಿದ್ದರು. ಇಬ್ಬರು ಮಹನೀಯರು ಕಾಲ ಘಟ್ಟದಲ್ಲಿ ಸಮಾಜದ ಅಂಕುಡೊಂಕು ತಿದ್ದುವಲ್ಲಿ ಶ್ರಮಿಸಿದರು. ಅಂತಹ ಸಂತರು ಸರಿಸಾಟಿ ಪ್ರಯೋಜನಕಾರಿಯಾಗಿವೆ ಎಂದರು. ನುಲಿಯಚಂದಯ್ಯನವರು ಕಾಯಕದಲ್ಲಿ ಶಿವನನ್ನು ಕಂಡವರು, ಸಮಾಜದ ಏಳಿಗೆಗಾಗಿ ಶ್ರಮಿಸಿದ ಶರಣರ ವಿಚಾರಗಳನ್ನು ಯುವಜನತೆ ಅನುಸರಿಸಬೇಕು ಎಂದರು.

ಪೂರಕವಾಗಿದ್ದು ಕೃಷ್ಣನ ಮಾರ್ಗದಲ್ಲಿ ಸಾಗಬೇಕು ಎಂದರು. ಕೃಷ್ಣನ ಬಾಲ ಲೀಲೆಗಳು ಹಾಗೂ ಆತನ ಸಂದೇಶಗಳು ಇಂದಿಗೂ ಪ್ರಸ್ತುತವಾಗಿವೆ. ಕಾರ್ಯಕ್ರಮದಲ್ಲಿ ಮಕ್ಕಳಿಗೆ ಕೃಷ್ಣ ವೇಷ ಸ್ಪರ್ಧೆ ಏರ್ಪಡಿಸಲಾಗಿತ್ತು. ಅಪರ ಜಿಲ್ಲಾಧಿಕಾರಿ, ಕನ್ನಡ ಮತ್ತು ಸಂಸ್ಕೃತಿ ಇಲಾಖೆ ಸಹಾಯಕ ನಿರ್ದೇಶಕರು ಉಪಸ್ಥಿತರಿದ್ದರು. ಜಿಲ್ಲೆಯ ವಿವಿಧ ಸಮುದಾಯದ ಮುಖಂಡರು, ಗಣ್ಯರು ಭಾಗವಹಿಸಿದ್ದರು.

ಎಂದು ತಿಳಿಸಿದರು. ಹೋಳೆನರಸೀಪುರ ಬಿ.ಆರ್.ಸಿ ಕೇಂದ್ರದಕ್ಷೇತ್ರ ಸಂಪನ್ಮೂಲ ವ್ಯಕ್ತಿಯಾದ ಹರೀಶ್ ಮಡಬಲು ಅವರು ಮಾತನಾಡಿ ಮಹಾನ್ ಮಾನವತ ವಾದಿ, ದೈವಿಪುರುಷ, ಸಚ್ಚಾರಿತ್ರ್ಯವಂತ, ಶರಣಾಗತ ವಾದ ಶ್ರೀಕೃಷ್ಣ ಹಾಗೂ ನುಲಿಯ ಚಂದಯ್ಯ ಸಮಾಜಕ್ಕೆ ದಾರಿದೀಪ. ಒಂದು ನಾಡಿನ ಹಿರಿಮೆಗೆ ನೆಲದ ಸಂಸ್ಕೃತಿ ಕಾರಣವಾಗಿದೆ ಎಂದರು. ಅವರ ಜೀವನ ತತ್ವಗಳನ್ನು ನಾವು ಪಾಲಿಸಬೇಕು ಎಂದರು. ಬೇಲೂರು ತಹಶೀಲ್ದಾರ್ ಸಮಾಜ ಕಲ್ಯಾಣ ಇಲಾಖೆ ಅಧಿಕಾರಿ ನಾರಾಯಣ ಸ್ವಾಮಿ ಉಪಸ್ಥಿತರಿದ್ದರು.

Printed , Published & Owned by VENKATESH.B.S and Printed at Honalu Graphics, Ward No.2, Ashoka Road, Behind Stadium, Satyamangala Village, Vidayanagar, Hassan District, Karnataka-573201 and Published
at House No.155, Ward No.13, Laksmi Nilaya, Vidyuth Nagara , Opposite MCE College , Salagame Road, Hassan-573201, Karnataka. Editor: VENKATESH.B.S Mob-7899533643
